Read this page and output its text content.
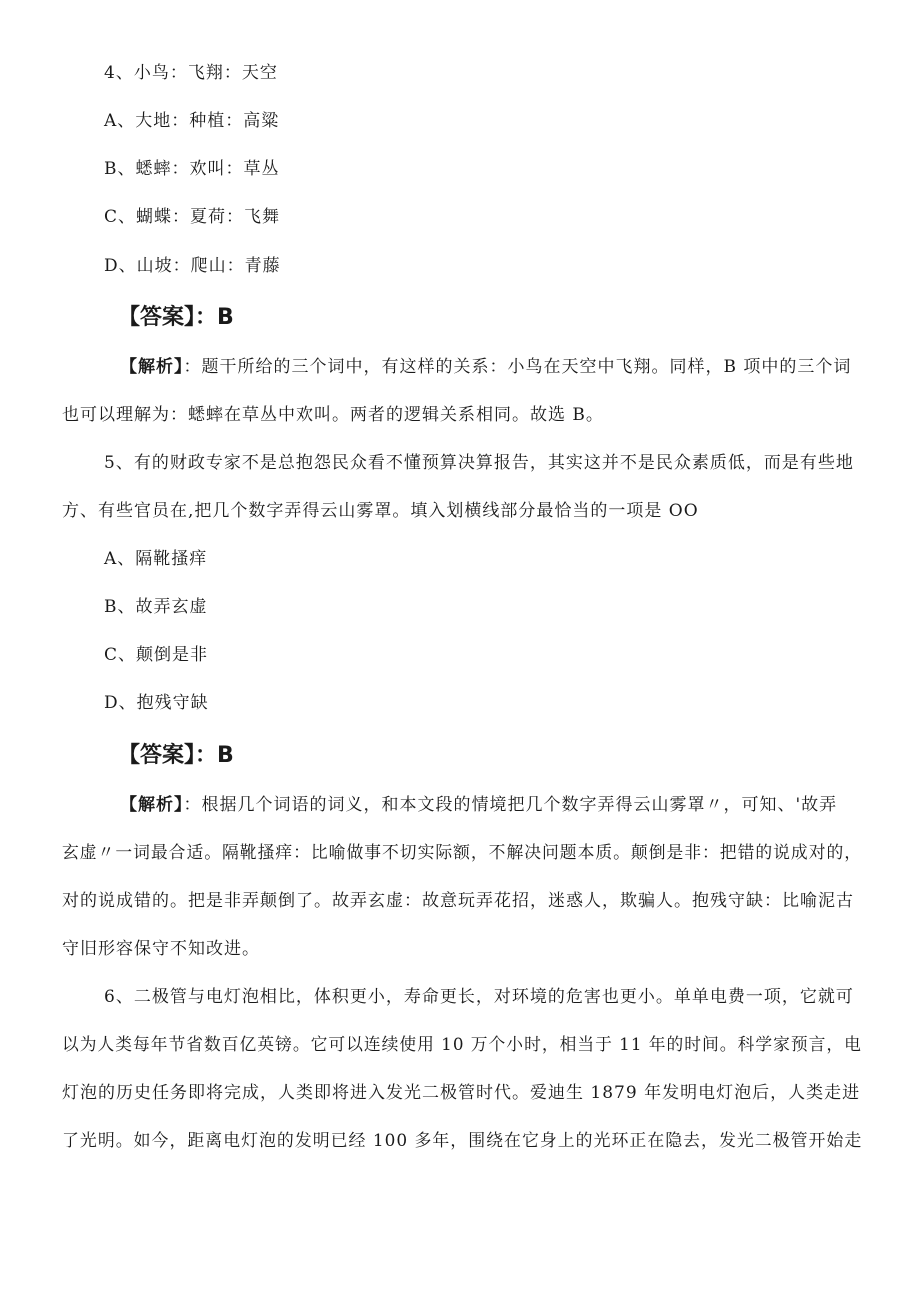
4、小鸟：飞翔：天空
A、大地：种植：高粱
B、蟋蟀：欢叫：草丛
C、蝴蝶：夏荷：飞舞
D、山坡：爬山：青藤
【答案】：B
【解析】：题干所给的三个词中，有这样的关系：小鸟在天空中飞翔。同样，B 项中的三个词
也可以理解为：蟋蟀在草丛中欢叫。两者的逻辑关系相同。故选 B。
5、有的财政专家不是总抱怨民众看不懂预算决算报告，其实这并不是民众素质低，而是有些地
方、有些官员在,把几个数字弄得云山雾罩。填入划横线部分最恰当的一项是 OO
A、隔靴搔痒
B、故弄玄虚
C、颠倒是非
D、抱残守缺
【答案】：B
【解析】：根据几个词语的词义，和本文段的情境把几个数字弄得云山雾罩〃，可知、'故弄
玄虚〃一词最合适。隔靴搔痒：比喻做事不切实际额，不解决问题本质。颠倒是非：把错的说成对的，
对的说成错的。把是非弄颠倒了。故弄玄虚：故意玩弄花招，迷惑人，欺骗人。抱残守缺：比喻泥古
守旧形容保守不知改进。
6、二极管与电灯泡相比，体积更小，寿命更长，对环境的危害也更小。单单电费一项，它就可
以为人类每年节省数百亿英镑。它可以连续使用 10 万个小时，相当于 11 年的时间。科学家预言，电
灯泡的历史任务即将完成，人类即将进入发光二极管时代。爱迪生 1879 年发明电灯泡后，人类走进
了光明。如今，距离电灯泡的发明已经 100 多年，围绕在它身上的光环正在隐去，发光二极管开始走
